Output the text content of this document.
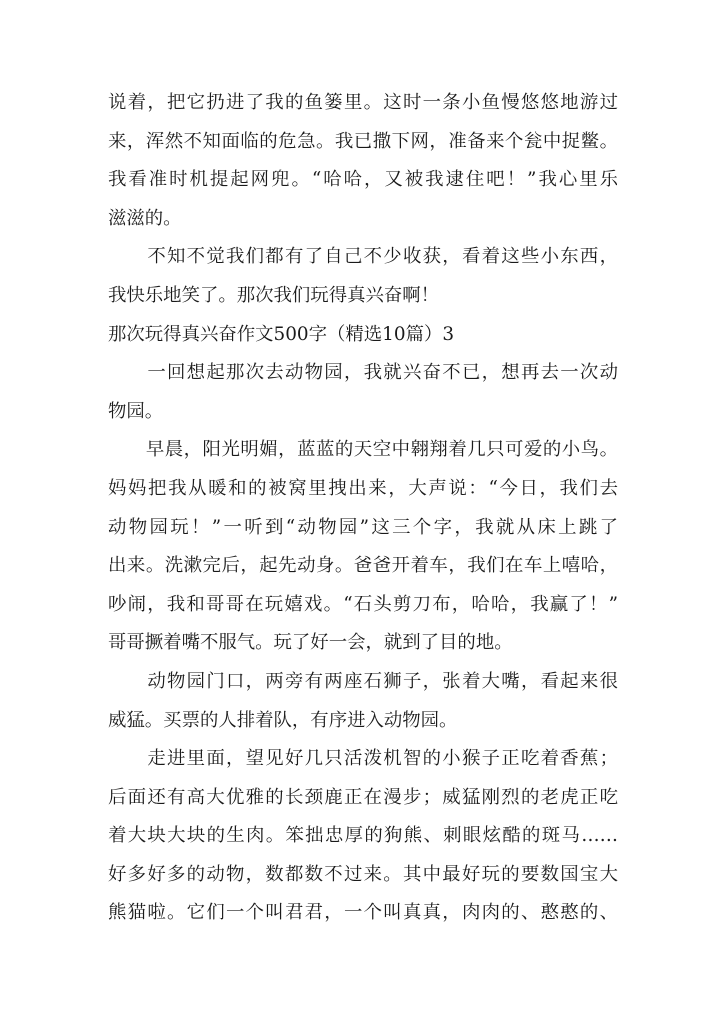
说着，把它扔进了我的鱼篓里。这时一条小鱼慢悠悠地游过
来，浑然不知面临的危急。我已撒下网，准备来个瓮中捉鳖。
我看准时机提起网兜。“哈哈，又被我逮住吧！”我心里乐
滋滋的。
　　不知不觉我们都有了自己不少收获，看着这些小东西，
我快乐地笑了。那次我们玩得真兴奋啊！
那次玩得真兴奋作文500字（精选10篇）3
　　一回想起那次去动物园，我就兴奋不已，想再去一次动
物园。
　　早晨，阳光明媚，蓝蓝的天空中翱翔着几只可爱的小鸟。
妈妈把我从暖和的被窝里拽出来，大声说：“今日，我们去
动物园玩！”一听到“动物园”这三个字，我就从床上跳了
出来。洗漱完后，起先动身。爸爸开着车，我们在车上嘻哈，
吵闹，我和哥哥在玩嬉戏。“石头剪刀布，哈哈，我赢了！”
哥哥撅着嘴不服气。玩了好一会，就到了目的地。
　　动物园门口，两旁有两座石狮子，张着大嘴，看起来很
威猛。买票的人排着队，有序进入动物园。
　　走进里面，望见好几只活泼机智的小猴子正吃着香蕉；
后面还有高大优雅的长颈鹿正在漫步；威猛刚烈的老虎正吃
着大块大块的生肉。笨拙忠厚的狗熊、刺眼炫酷的斑马……
好多好多的动物，数都数不过来。其中最好玩的要数国宝大
熊猫啦。它们一个叫君君，一个叫真真，肉肉的、憨憨的、
